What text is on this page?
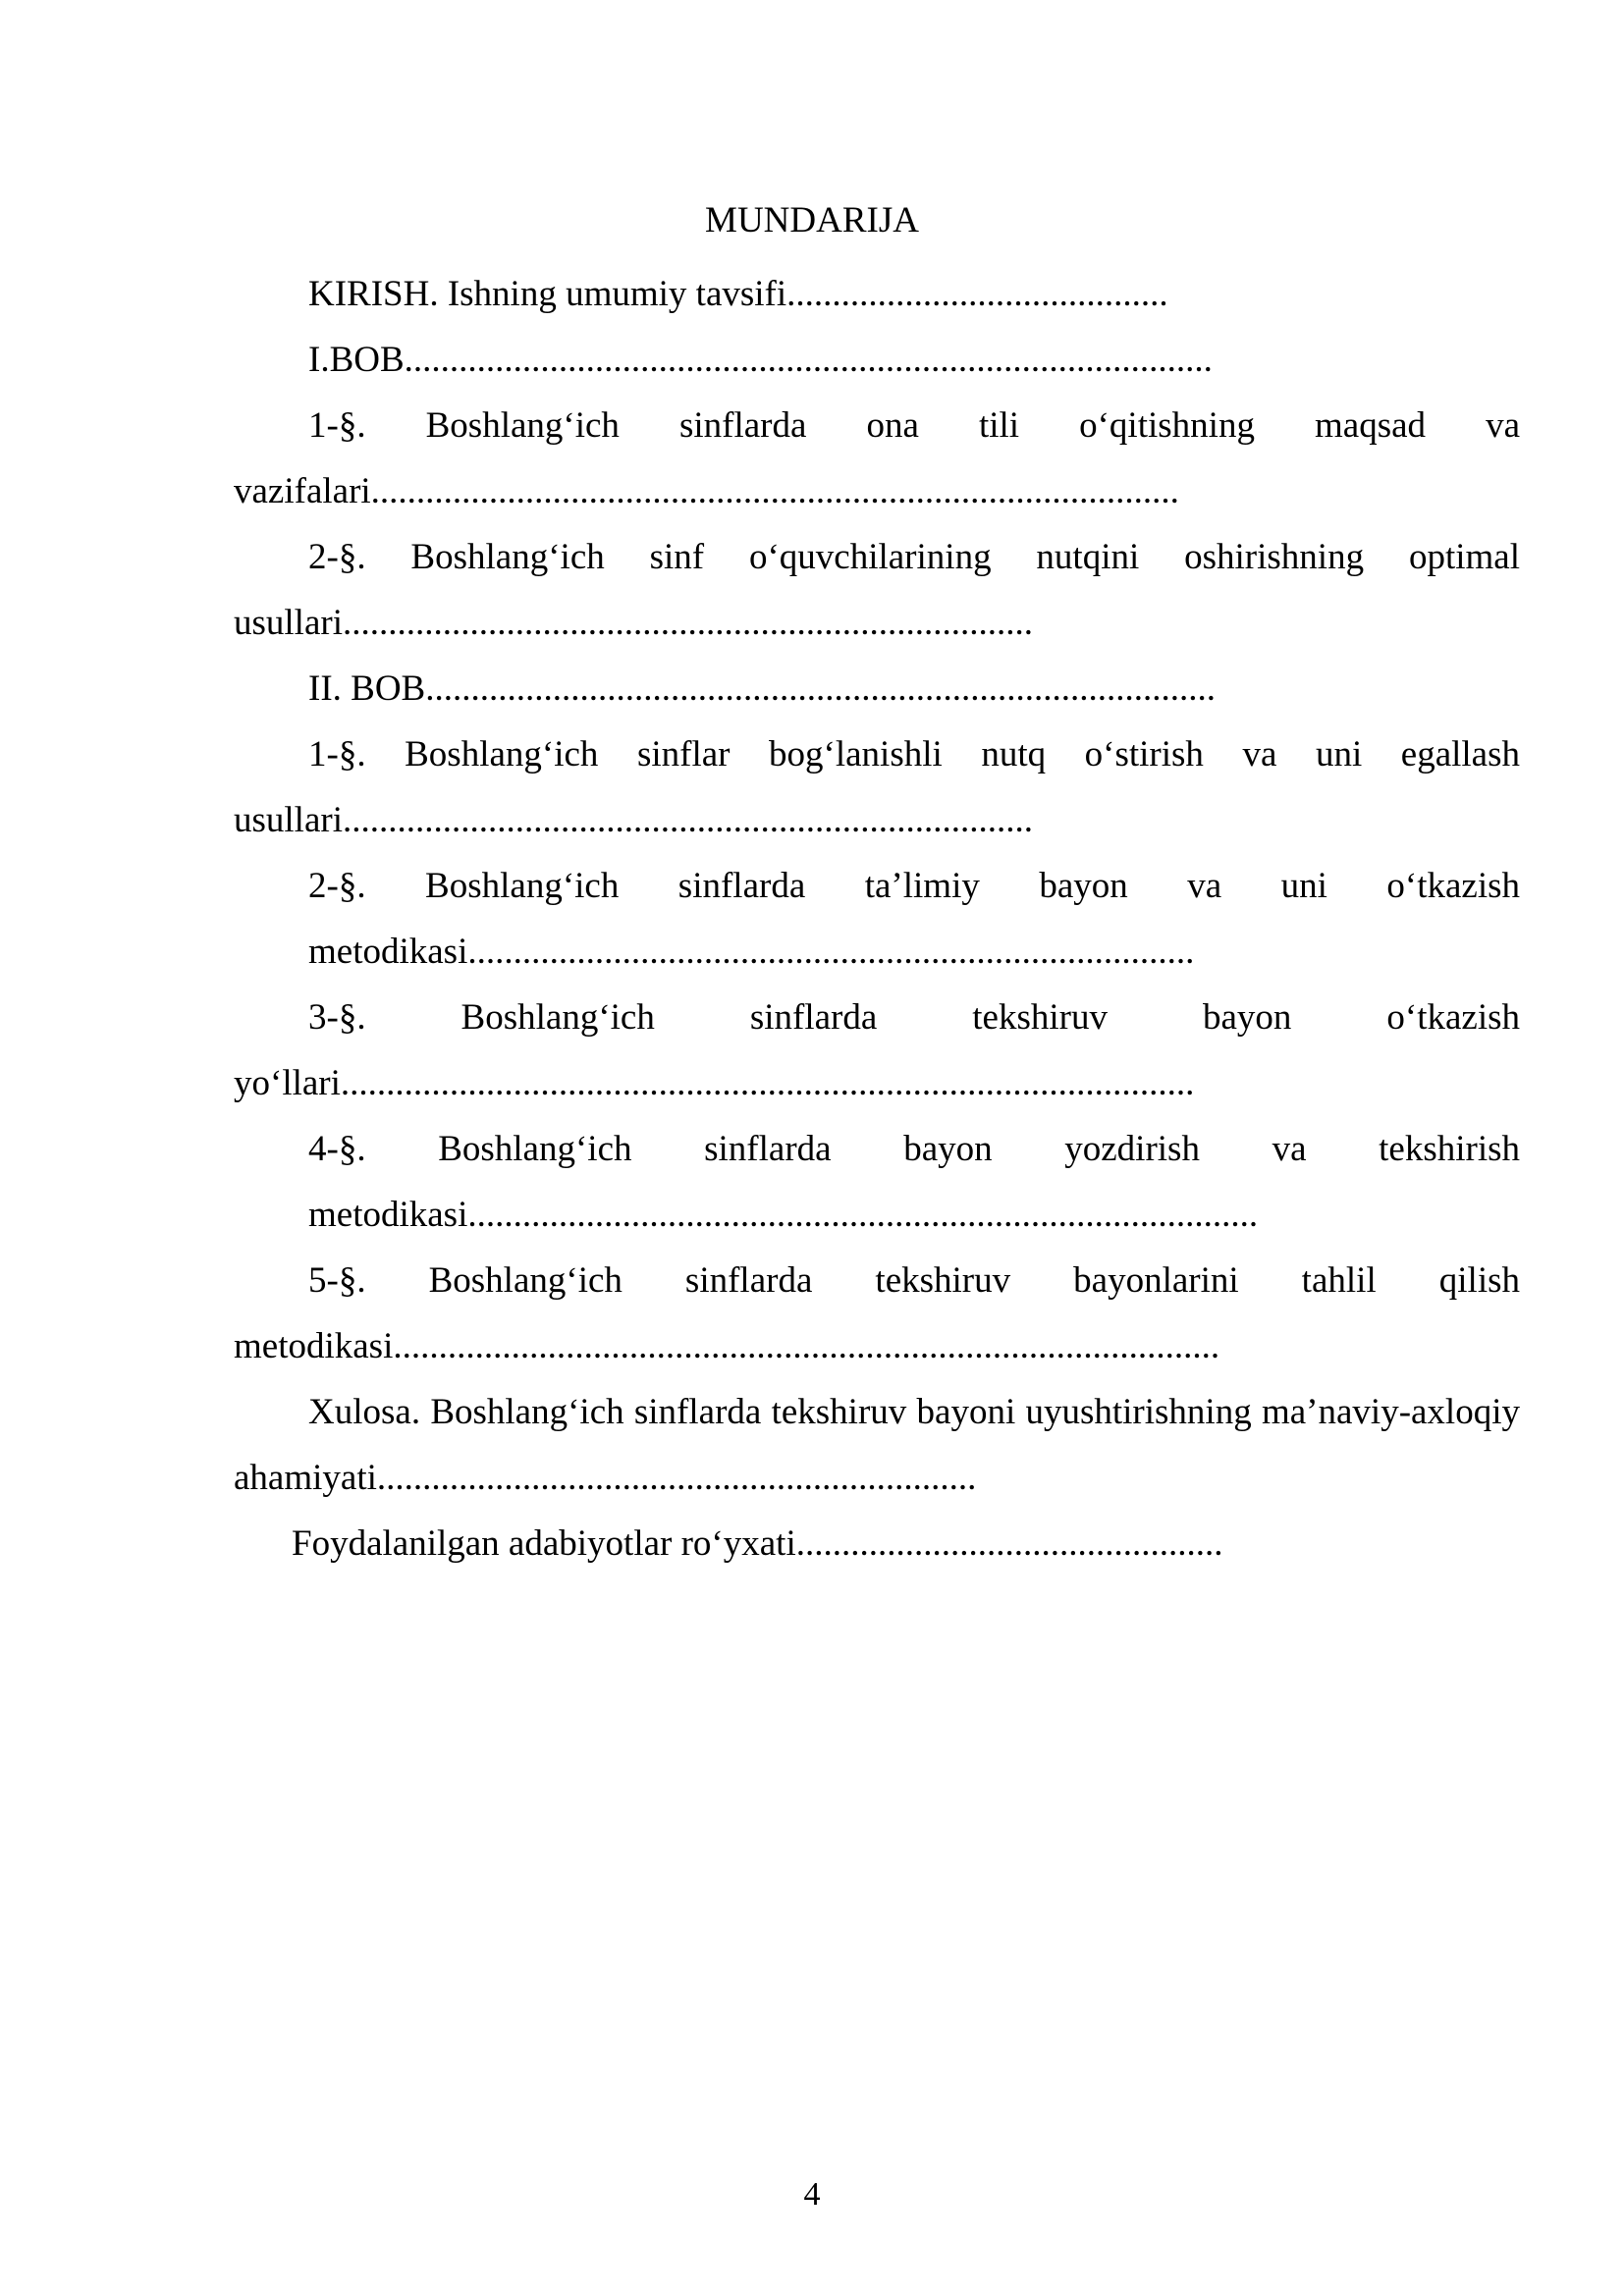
MUNDARIJA

KIRISH. Ishning umumiy tavsifi..........................................

I.BOB.........................................................................................

1-§. Boshlang‘ich sinflarda ona tili o‘qitishning maqsad va vazifalari.........................................................................................

2-§. Boshlang‘ich sinf o‘quvchilarining nutqini oshirishning optimal usullari............................................................................

II. BOB.......................................................................................

1-§. Boshlang‘ich sinflar bog‘lanishli nutq o‘stirish va uni egallash usullari............................................................................

2-§. Boshlang‘ich sinflarda ta’limiy bayon va uni o‘tkazish metodikasi................................................................................

3-§. Boshlang‘ich sinflarda tekshiruv bayon o‘tkazish yo‘llari..............................................................................................

4-§. Boshlang‘ich sinflarda bayon yozdirish va tekshirish metodikasi.......................................................................................

5-§. Boshlang‘ich sinflarda tekshiruv bayonlarini tahlil qilish metodikasi...........................................................................................

Xulosa. Boshlang‘ich sinflarda tekshiruv bayoni uyushtirishning ma’naviy-axloqiy ahamiyati..................................................................

Foydalanilgan adabiyotlar ro‘yxati...............................................

4
